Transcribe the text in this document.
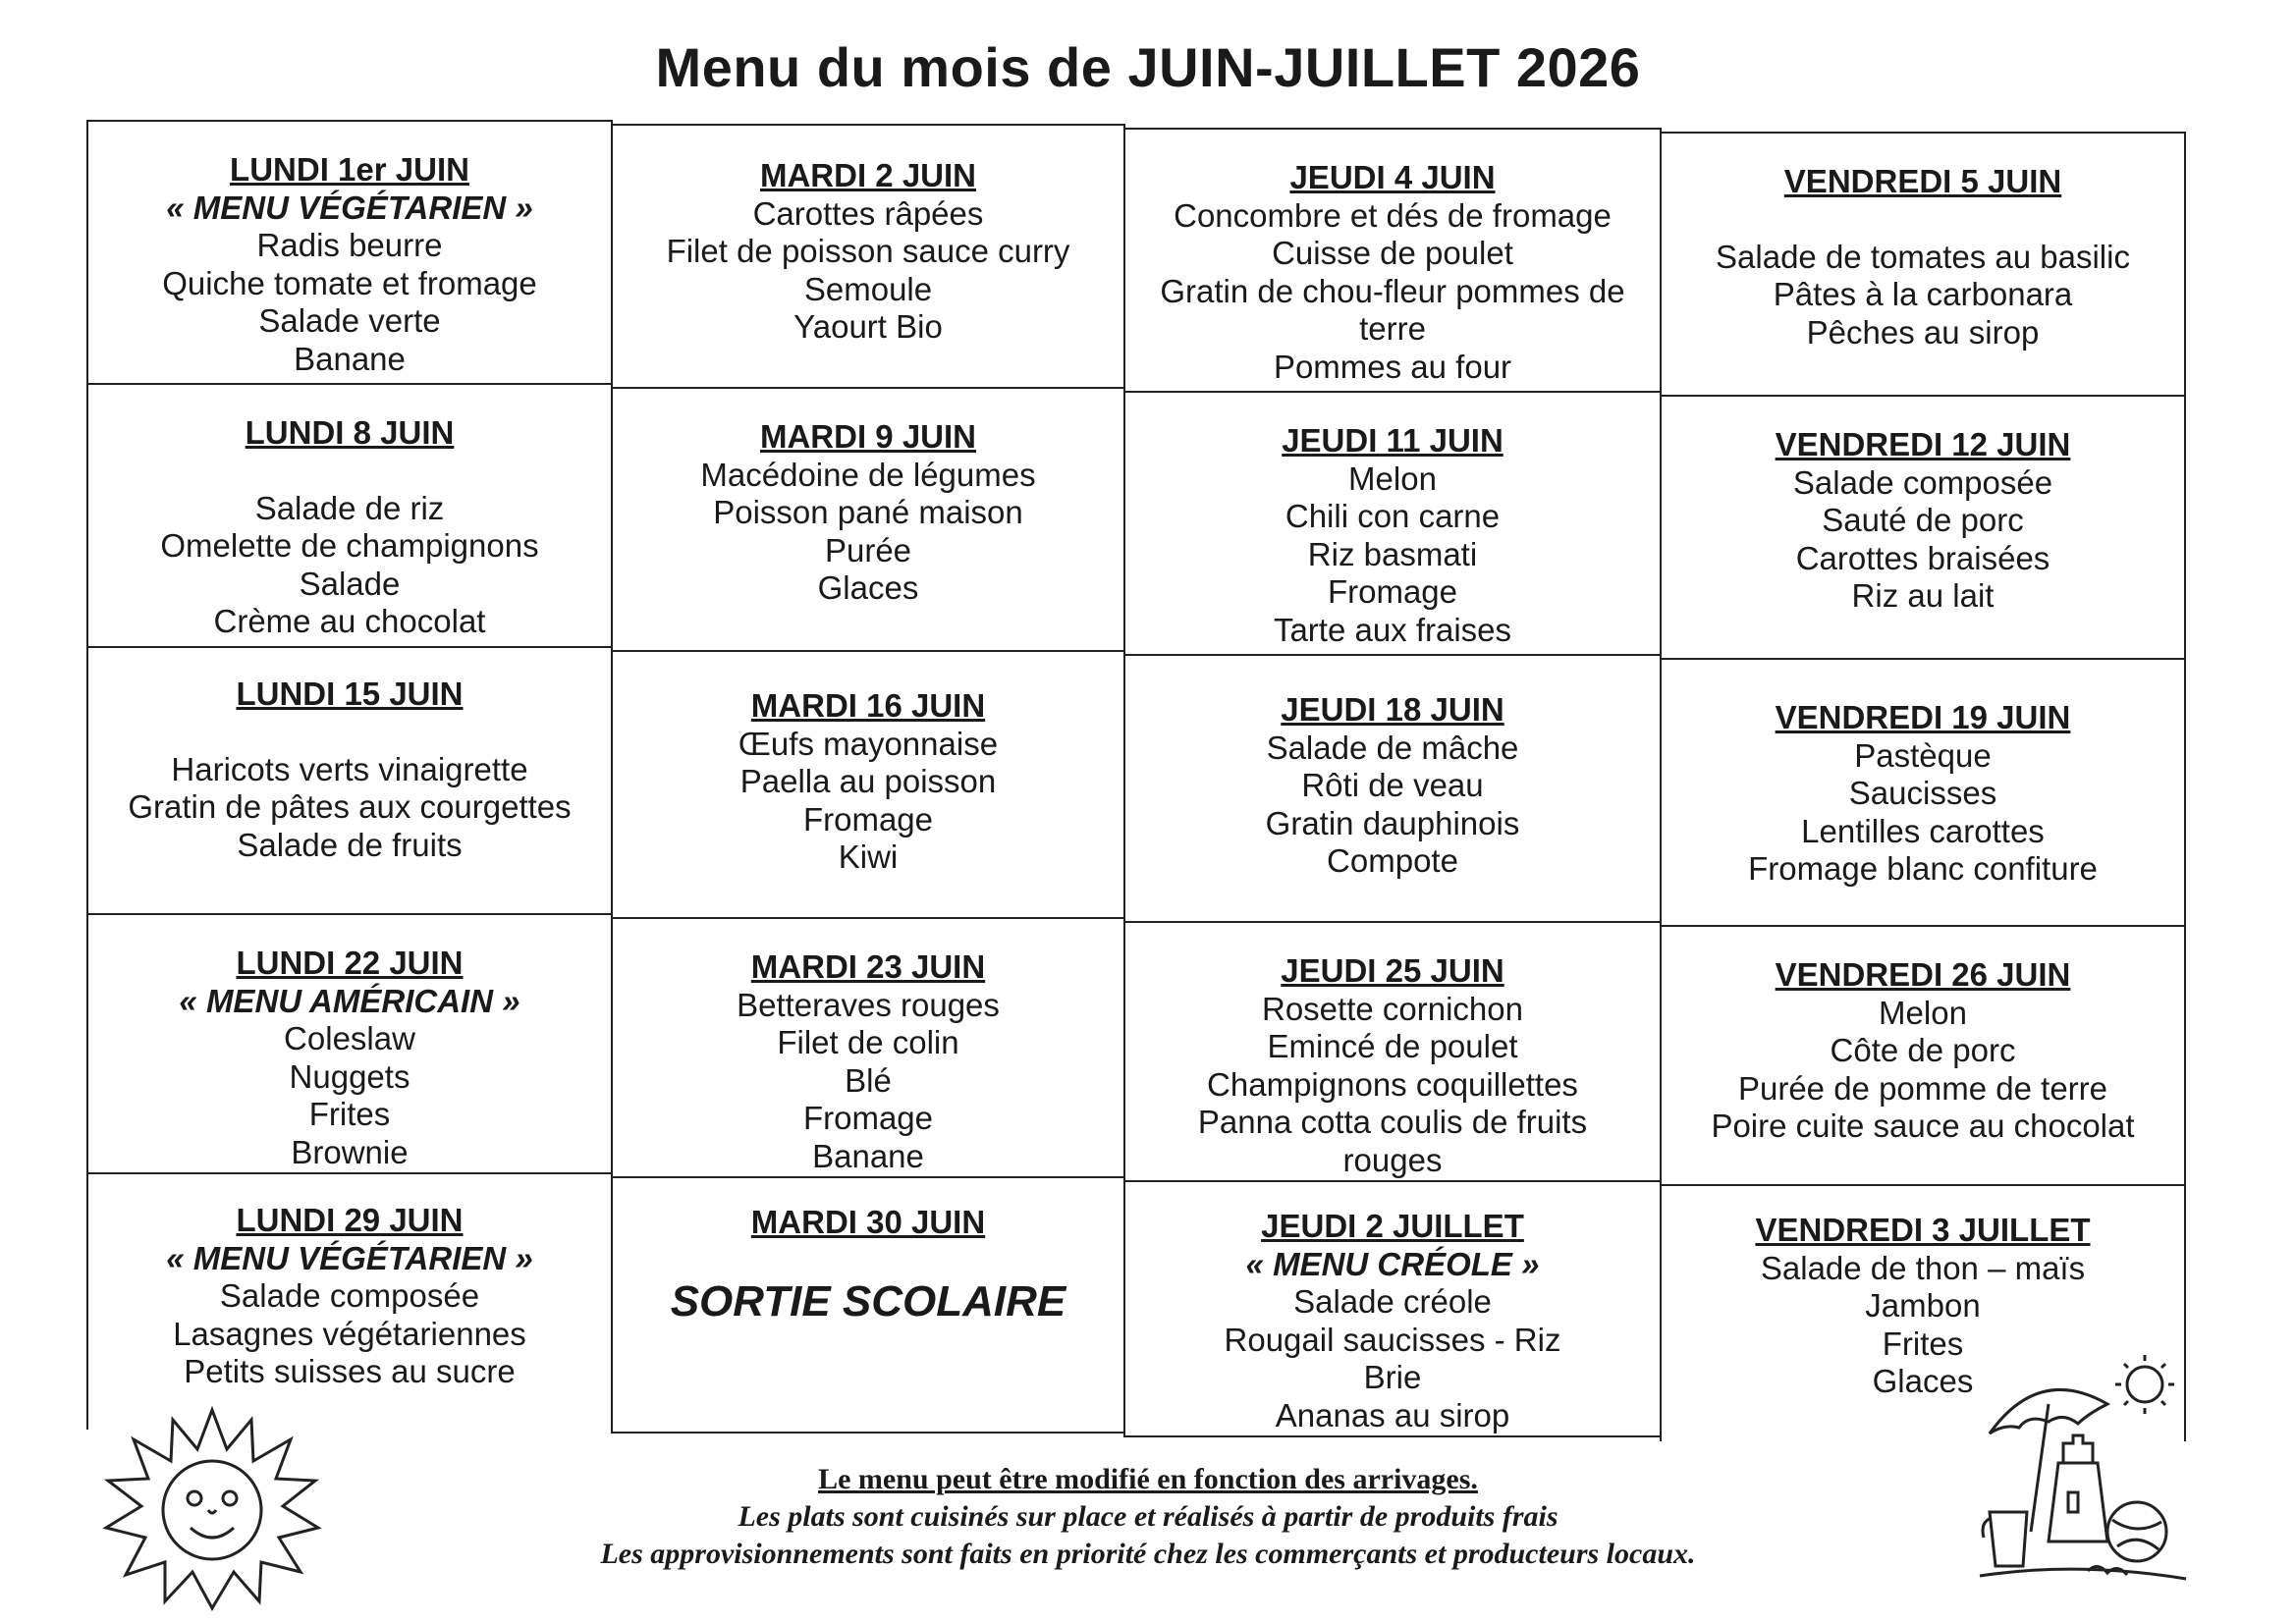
Menu du mois de JUIN-JUILLET 2026
LUNDI 1er JUIN
« MENU VÉGÉTARIEN »
Radis beurre
Quiche tomate et fromage
Salade verte
Banane
MARDI 2 JUIN
Carottes râpées
Filet de poisson sauce curry
Semoule
Yaourt Bio
JEUDI 4 JUIN
Concombre et dés de fromage
Cuisse de poulet
Gratin de chou-fleur pommes de terre
Pommes au four
VENDREDI 5 JUIN
Salade de tomates au basilic
Pâtes à la carbonara
Pêches au sirop
LUNDI 8 JUIN
Salade de riz
Omelette de champignons
Salade
Crème au chocolat
MARDI 9 JUIN
Macédoine de légumes
Poisson pané maison
Purée
Glaces
JEUDI 11 JUIN
Melon
Chili con carne
Riz basmati
Fromage
Tarte aux fraises
VENDREDI 12 JUIN
Salade composée
Sauté de porc
Carottes braisées
Riz au lait
LUNDI 15 JUIN
Haricots verts vinaigrette
Gratin de pâtes aux courgettes
Salade de fruits
MARDI 16 JUIN
Œufs mayonnaise
Paella au poisson
Fromage
Kiwi
JEUDI 18 JUIN
Salade de mâche
Rôti de veau
Gratin dauphinois
Compote
VENDREDI 19 JUIN
Pastèque
Saucisses
Lentilles carottes
Fromage blanc confiture
LUNDI 22 JUIN
« MENU AMÉRICAIN »
Coleslaw
Nuggets
Frites
Brownie
MARDI 23 JUIN
Betteraves rouges
Filet de colin
Blé
Fromage
Banane
JEUDI 25 JUIN
Rosette cornichon
Emincé de poulet
Champignons coquillettes
Panna cotta coulis de fruits rouges
VENDREDI 26 JUIN
Melon
Côte de porc
Purée de pomme de terre
Poire cuite sauce au chocolat
LUNDI 29 JUIN
« MENU VÉGÉTARIEN »
Salade composée
Lasagnes végétariennes
Petits suisses au sucre
MARDI 30 JUIN
SORTIE SCOLAIRE
JEUDI 2 JUILLET
« MENU CRÉOLE »
Salade créole
Rougail saucisses - Riz
Brie
Ananas au sirop
VENDREDI 3 JUILLET
Salade de thon – maïs
Jambon
Frites
Glaces
Le menu peut être modifié en fonction des arrivages.
Les plats sont cuisinés sur place et réalisés à partir de produits frais
Les approvisionnements sont faits en priorité chez les commerçants et producteurs locaux.
